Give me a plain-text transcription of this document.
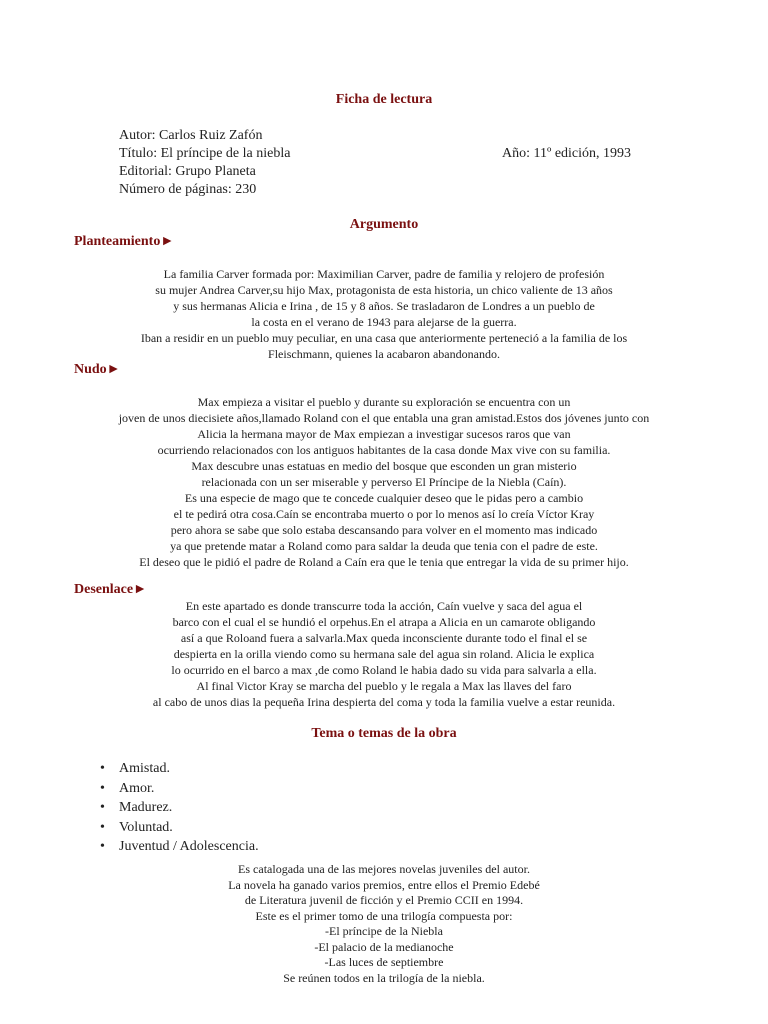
Ficha de lectura
Autor: Carlos Ruiz Zafón
Título: El príncipe de la niebla	Año: 11º edición, 1993
Editorial: Grupo Planeta
Número de páginas: 230
Argumento
Planteamiento►
La familia Carver formada por: Maximilian Carver, padre de familia y relojero de profesión
su mujer Andrea Carver,su hijo Max, protagonista de esta historia, un chico valiente de 13 años
y sus hermanas Alicia e Irina , de 15 y 8 años. Se trasladaron de Londres a un pueblo de
la costa en el verano de 1943 para alejarse de la guerra.
Iban a residir en un pueblo muy peculiar, en una casa que anteriormente perteneció a la familia de los
Fleischmann, quienes la acabaron abandonando.
Nudo►
Max empieza a visitar el pueblo y durante su exploración se encuentra con un
joven de unos diecisiete años,llamado Roland con el que entabla una gran amistad.Estos dos jóvenes junto con
Alicia la hermana mayor de Max empiezan a investigar sucesos raros que van
ocurriendo relacionados con los antiguos habitantes de la casa donde Max vive con su familia.
Max descubre unas estatuas en medio del bosque que esconden un gran misterio
relacionada con un ser miserable y perverso El Príncipe de la Niebla (Caín).
Es una especie de mago que te concede cualquier deseo que le pidas pero a cambio
el te pedirá otra cosa.Caín se encontraba muerto o por lo menos así lo creía Víctor Kray
pero ahora se sabe que solo estaba descansando para volver en el momento mas indicado
ya que pretende matar a Roland como para saldar la deuda que tenia con el padre de este.
El deseo que le pidió el padre de Roland a Caín era que le tenia que entregar la vida de su primer hijo.
Desenlace►
En este apartado es donde transcurre toda la acción, Caín vuelve y saca del agua el
barco con el cual el se hundió el orpehus.En el atrapa a Alicia en un camarote obligando
así a que Roloand fuera a salvarla.Max queda inconsciente durante todo el final el se
despierta en la orilla viendo como su hermana sale del agua sin roland. Alicia le explica
lo ocurrido en el barco a max ,de como Roland le habia dado su vida para salvarla a ella.
Al final Victor Kray se marcha del pueblo y le regala a Max las llaves del faro
al cabo de unos dias la pequeña Irina despierta del coma y toda la familia vuelve a estar reunida.
Tema o temas de la obra
• Amistad.
• Amor.
• Madurez.
• Voluntad.
• Juventud / Adolescencia.
Es catalogada una de las mejores novelas juveniles del autor.
La novela ha ganado varios premios, entre ellos el Premio Edebé
de Literatura juvenil de ficción y el Premio CCII en 1994.
Este es el primer tomo de una trilogía compuesta por:
-El príncipe de la Niebla
-El palacio de la medianoche
-Las luces de septiembre
Se reúnen todos en la trilogía de la niebla.
